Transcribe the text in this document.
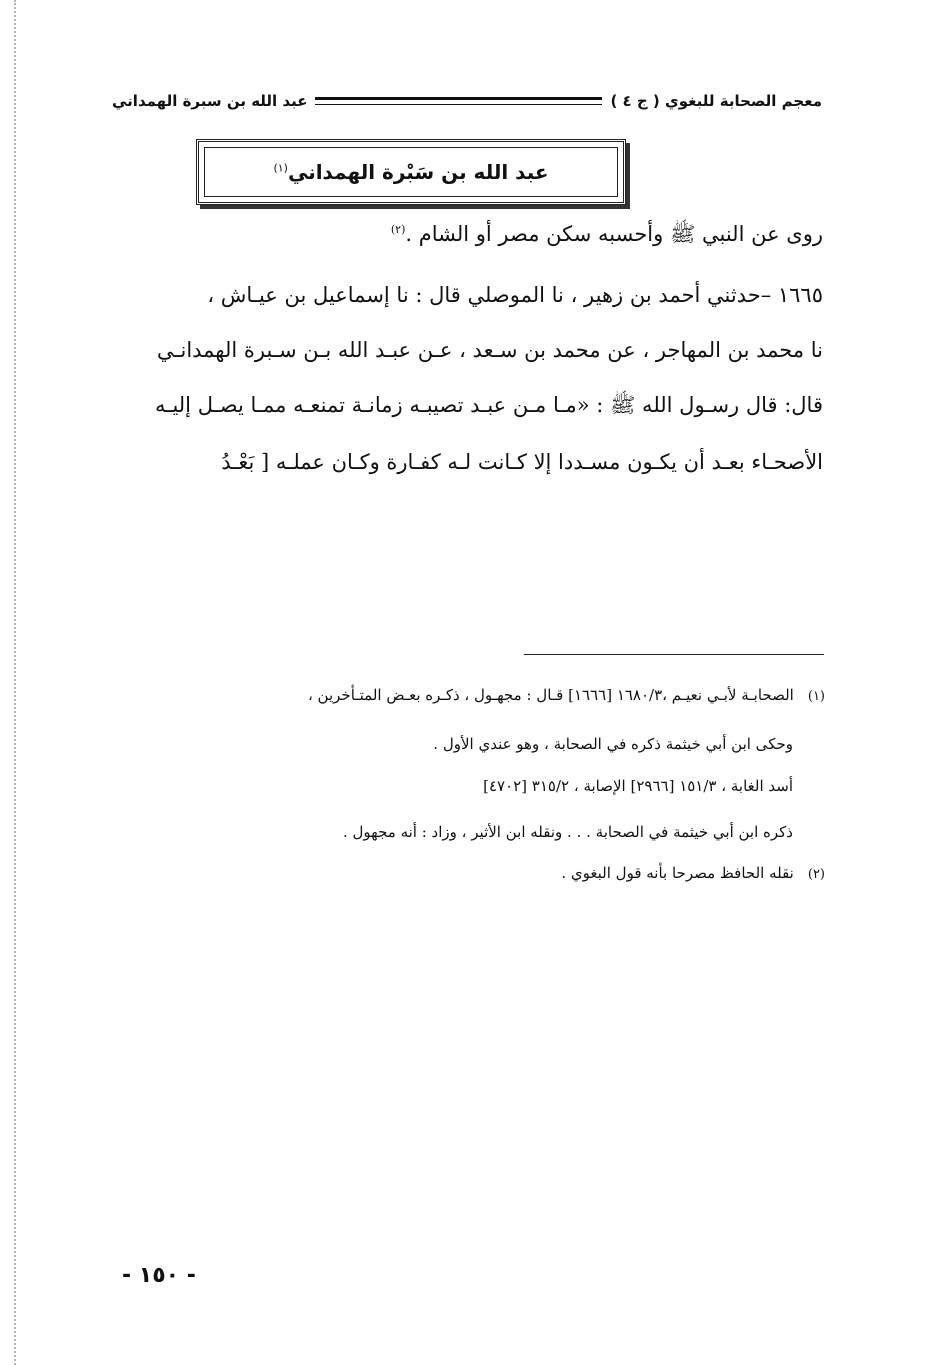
معجم الصحابة للبغوي ( ج ٤ )
عبد الله بن سبرة الهمداني
عبد الله بن سَبْرة الهمداني$^{(١)}$
روى عن النبي ﷺ وأحسبه سكن مصر أو الشام .$^{(٢)}$
١٦٦٥ –حدثني أحمد بن زهير ، نا الموصلي قال : نا إسماعيل بن عيـاش ،
نا محمد بن المهاجر ، عن محمد بن سـعد ، عـن عبـد الله بـن سـبرة الهمدانـي
قال: قال رسـول الله ﷺ : «مـا مـن عبـد تصيبـه زمانـة تمنعـه ممـا يصـل إليـه
الأصحـاء بعـد أن يكـون مسـددا إلا كـانت لـه كفـارة وكـان عملـه [ بَعْـدُ
(١)الصحابـة لأبـي نعيـم ،١٦٨٠/٣ [١٦٦٦] قـال : مجهـول ، ذكـره بعـض المتـأخرين ،
وحكى ابن أبي خيثمة ذكره في الصحابة ، وهو عندي الأول .
أسد الغابة ، ١٥١/٣ [٢٩٦٦] الإصابة ، ٣١٥/٢ [٤٧٠٢]
ذكره ابن أبي خيثمة في الصحابة . . . ونقله ابن الأثير ، وزاد : أنه مجهول .
(٢)نقله الحافظ مصرحا بأنه قول البغوي .
- ١٥٠ -
